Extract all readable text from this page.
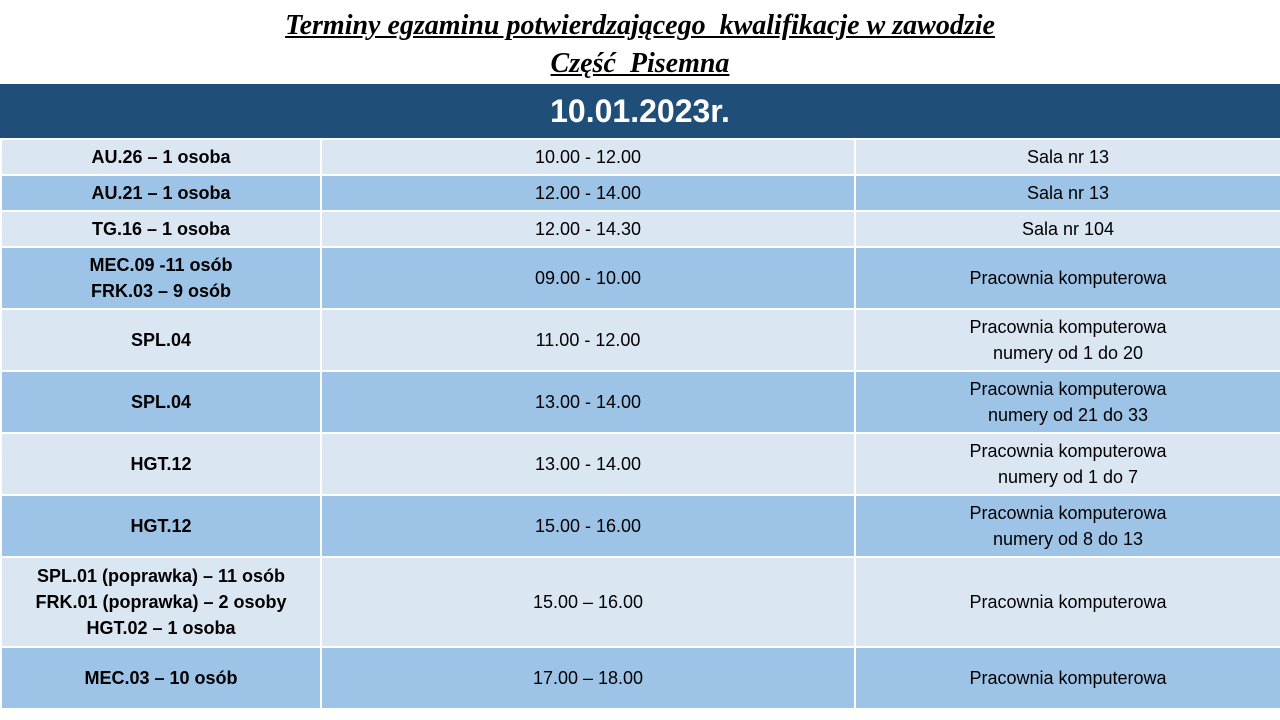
Terminy egzaminu potwierdzającego  kwalifikacje w zawodzie
Część  Pisemna
10.01.2023r.
AU.26 – 1 osoba	10.00 - 12.00	Sala nr 13

AU.21 – 1 osoba	12.00 - 14.00	Sala nr 13

TG.16 – 1 osoba	12.00 - 14.30	Sala nr 104

MEC.09 -11 osób
FRK.03 – 9 osób	09.00 - 10.00	Pracownia komputerowa

SPL.04	11.00 - 12.00	Pracownia komputerowa
numery od 1 do 20

SPL.04	13.00 - 14.00	Pracownia komputerowa
numery od 21 do 33

HGT.12	13.00 - 14.00	Pracownia komputerowa
numery od 1 do 7

HGT.12	15.00 - 16.00	Pracownia komputerowa
numery od 8 do 13

SPL.01 (poprawka) – 11 osób
FRK.01 (poprawka) – 2 osoby
HGT.02 – 1 osoba	15.00 – 16.00	Pracownia komputerowa

MEC.03 – 10 osób	17.00 – 18.00	Pracownia komputerowa
